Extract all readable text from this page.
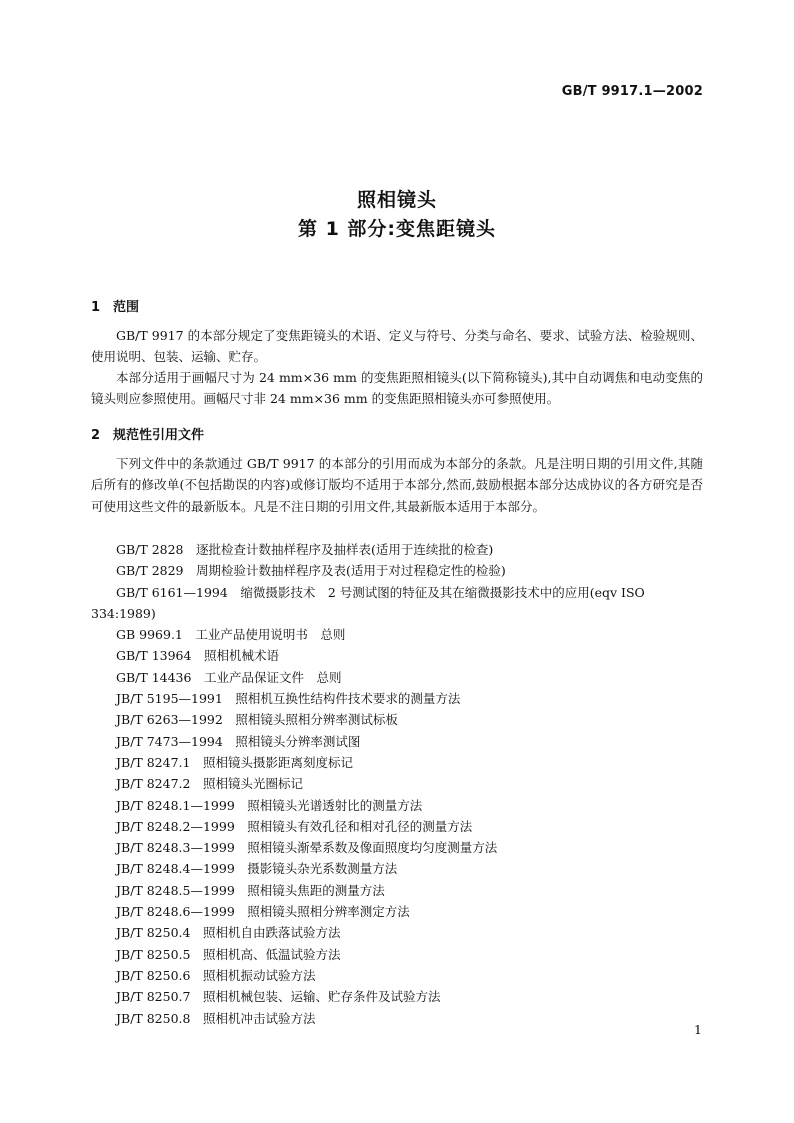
GB/T 9917.1—2002
照相镜头
第 1 部分:变焦距镜头
1　范围

GB/T 9917 的本部分规定了变焦距镜头的术语、定义与符号、分类与命名、要求、试验方法、检验规则、使用说明、包装、运输、贮存。

本部分适用于画幅尺寸为 24 mm×36 mm 的变焦距照相镜头(以下简称镜头),其中自动调焦和电动变焦的镜头则应参照使用。画幅尺寸非 24 mm×36 mm 的变焦距照相镜头亦可参照使用。

2　规范性引用文件

下列文件中的条款通过 GB/T 9917 的本部分的引用而成为本部分的条款。凡是注明日期的引用文件,其随后所有的修改单(不包括勘误的内容)或修订版均不适用于本部分,然而,鼓励根据本部分达成协议的各方研究是否可使用这些文件的最新版本。凡是不注日期的引用文件,其最新版本适用于本部分。

GB/T 2828　逐批检查计数抽样程序及抽样表(适用于连续批的检查)
GB/T 2829　周期检验计数抽样程序及表(适用于对过程稳定性的检验)
GB/T 6161—1994　缩微摄影技术　2 号测试图的特征及其在缩微摄影技术中的应用(eqv ISO
334:1989)
GB 9969.1　工业产品使用说明书　总则
GB/T 13964　照相机械术语
GB/T 14436　工业产品保证文件　总则
JB/T 5195—1991　照相机互换性结构件技术要求的测量方法
JB/T 6263—1992　照相镜头照相分辨率测试标板
JB/T 7473—1994　照相镜头分辨率测试图
JB/T 8247.1　照相镜头摄影距离刻度标记
JB/T 8247.2　照相镜头光圈标记
JB/T 8248.1—1999　照相镜头光谱透射比的测量方法
JB/T 8248.2—1999　照相镜头有效孔径和相对孔径的测量方法
JB/T 8248.3—1999　照相镜头渐晕系数及像面照度均匀度测量方法
JB/T 8248.4—1999　摄影镜头杂光系数测量方法
JB/T 8248.5—1999　照相镜头焦距的测量方法
JB/T 8248.6—1999　照相镜头照相分辨率测定方法
JB/T 8250.4　照相机自由跌落试验方法
JB/T 8250.5　照相机高、低温试验方法
JB/T 8250.6　照相机振动试验方法
JB/T 8250.7　照相机械包装、运输、贮存条件及试验方法
JB/T 8250.8　照相机冲击试验方法
1
